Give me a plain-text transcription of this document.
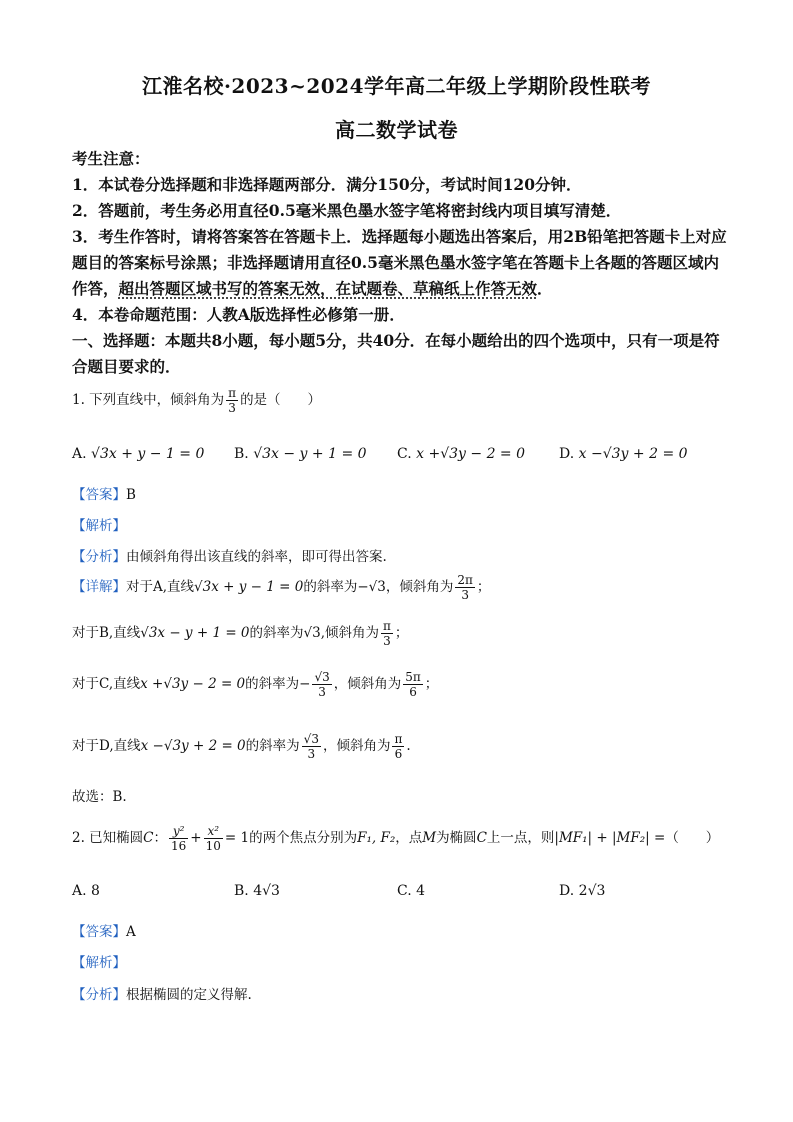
江淮名校·2023~2024学年高二年级上学期阶段性联考
高二数学试卷
考生注意：
1．本试卷分选择题和非选择题两部分．满分150分，考试时间120分钟．
2．答题前，考生务必用直径0.5毫米黑色墨水签字笔将密封线内项目填写清楚．
3．考生作答时，请将答案答在答题卡上．选择题每小题选出答案后，用2B铅笔把答题卡上对应题目的答案标号涂黑；非选择题请用直径0.5毫米黑色墨水签字笔在答题卡上各题的答题区域内作答，超出答题区域书写的答案无效，在试题卷、草稿纸上作答无效．
4．本卷命题范围：人教A版选择性必修第一册．
一、选择题：本题共8小题，每小题5分，共40分．在每小题给出的四个选项中，只有一项是符合题目要求的．
1. 下列直线中，倾斜角为 $\frac{\pi}{3}$ 的是（　　）
A. √3x + y − 1 = 0 B. √3x − y + 1 = 0 C. x +√3y − 2 = 0 D. x −√3y + 2 = 0
【答案】B
【解析】
【分析】由倾斜角得出该直线的斜率，即可得出答案.
【详解】对于A,直线√3x + y − 1 = 0的斜率为−√3，倾斜角为 $\frac{2\pi}{3}$ ；
对于B,直线√3x − y + 1 = 0的斜率为√3,倾斜角为 $\frac{\pi}{3}$ ；
对于C,直线x +√3y − 2 = 0的斜率为− $\frac{√3}{3}$ ，倾斜角为 $\frac{5\pi}{6}$ ；
对于D,直线x −√3y + 2 = 0的斜率为 $\frac{√3}{3}$ ，倾斜角为 $\frac{\pi}{6}$ .
故选：B.
2. 已知椭圆C： $\frac{\text{y²}}{16} + \frac{\text{x²}}{10} = 1$的两个焦点分别为F₁, F₂，点M为椭圆C上一点，则|MF₁| + |MF₂| =（　　）
A. 8	B. 4√3	C. 4	D. 2√3
【答案】A
【解析】
【分析】根据椭圆的定义得解.
